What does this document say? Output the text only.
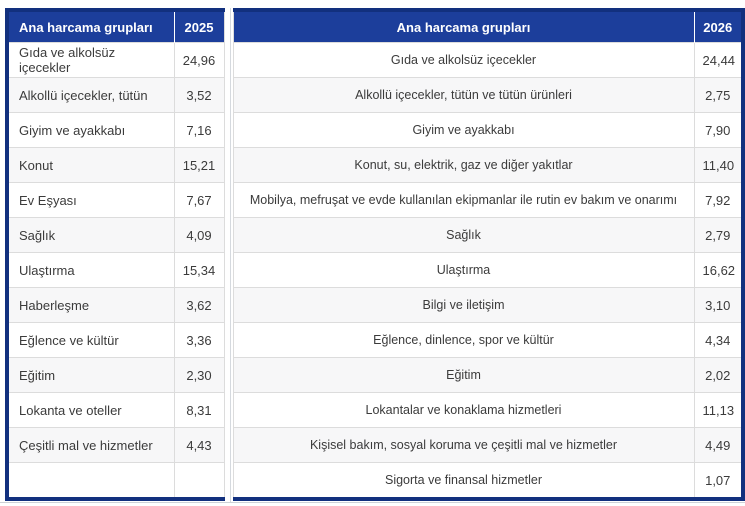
Ana harcama grupları	2025
Gıda ve alkolsüz içecekler	24,96
Alkollü içecekler, tütün	3,52
Giyim ve ayakkabı	7,16
Konut	15,21
Ev Eşyası	7,67
Sağlık	4,09
Ulaştırma	15,34
Haberleşme	3,62
Eğlence ve kültür	3,36
Eğitim	2,30
Lokanta ve oteller	8,31
Çeşitli mal ve hizmetler	4,43

Ana harcama grupları	2026
Gıda ve alkolsüz içecekler	24,44
Alkollü içecekler, tütün ve tütün ürünleri	2,75
Giyim ve ayakkabı	7,90
Konut, su, elektrik, gaz ve diğer yakıtlar	11,40
Mobilya, mefruşat ve evde kullanılan ekipmanlar ile rutin ev bakım ve onarımı	7,92
Sağlık	2,79
Ulaştırma	16,62
Bilgi ve iletişim	3,10
Eğlence, dinlence, spor ve kültür	4,34
Eğitim	2,02
Lokantalar ve konaklama hizmetleri	11,13
Kişisel bakım, sosyal koruma ve çeşitli mal ve hizmetler	4,49
Sigorta ve finansal hizmetler	1,07
